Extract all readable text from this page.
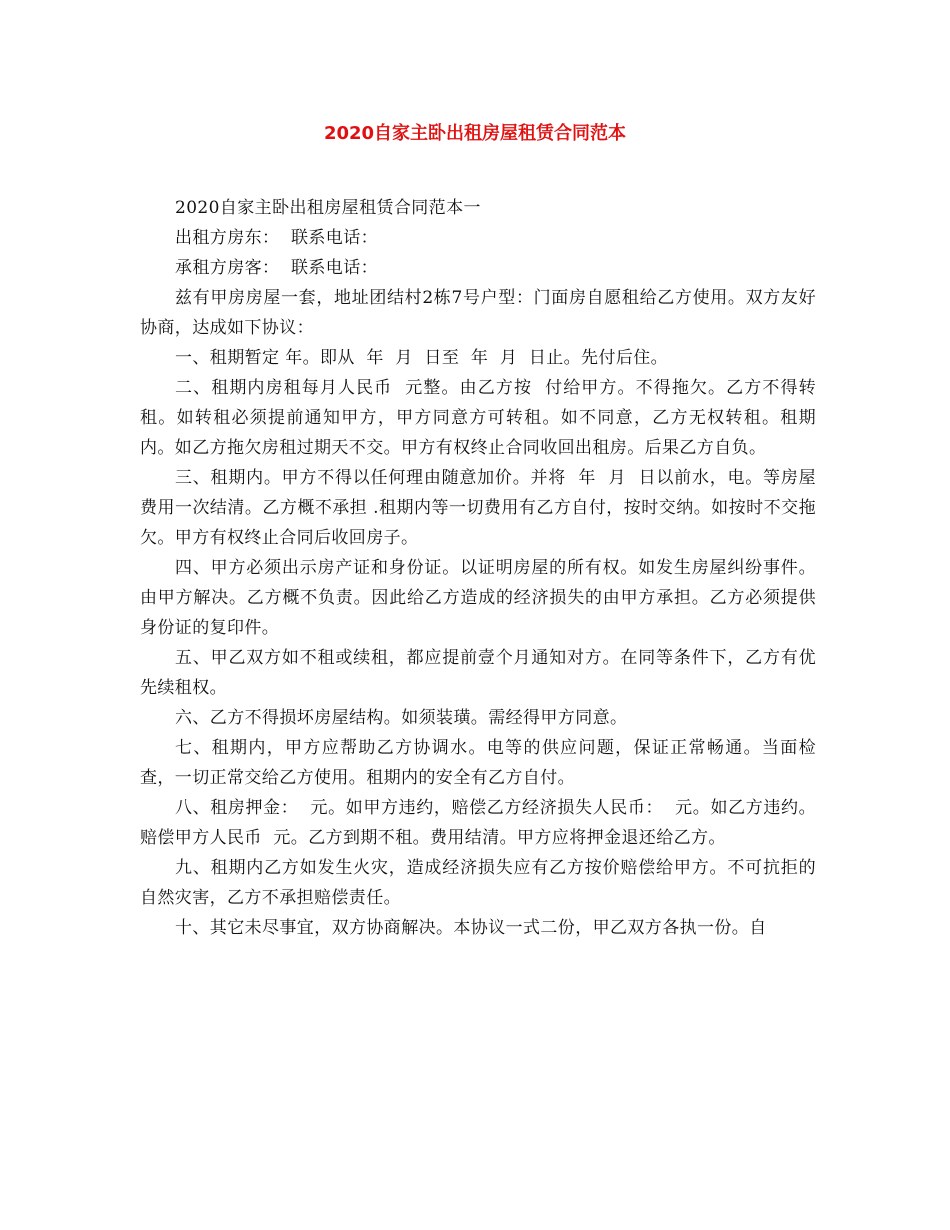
2020自家主卧出租房屋租赁合同范本

2020自家主卧出租房屋租赁合同范本一

出租方房东：  联系电话：

承租方房客：  联系电话：

兹有甲房房屋一套，地址团结村2栋7号户型：门面房自愿租给乙方使用。双方友好协商，达成如下协议：

一、租期暂定 年。即从  年  月  日至  年  月  日止。先付后住。

二、租期内房租每月人民币  元整。由乙方按  付给甲方。不得拖欠。乙方不得转租。如转租必须提前通知甲方，甲方同意方可转租。如不同意，乙方无权转租。租期内。如乙方拖欠房租过期天不交。甲方有权终止合同收回出租房。后果乙方自负。

三、租期内。甲方不得以任何理由随意加价。并将  年  月  日以前水，电。等房屋费用一次结清。乙方概不承担 .租期内等一切费用有乙方自付，按时交纳。如按时不交拖欠。甲方有权终止合同后收回房子。

四、甲方必须出示房产证和身份证。以证明房屋的所有权。如发生房屋纠纷事件。由甲方解决。乙方概不负责。因此给乙方造成的经济损失的由甲方承担。乙方必须提供身份证的复印件。

五、甲乙双方如不租或续租，都应提前壹个月通知对方。在同等条件下，乙方有优先续租权。

六、乙方不得损坏房屋结构。如须装璜。需经得甲方同意。

七、租期内，甲方应帮助乙方协调水。电等的供应问题，保证正常畅通。当面检查，一切正常交给乙方使用。租期内的安全有乙方自付。

八、租房押金：  元。如甲方违约，赔偿乙方经济损失人民币：  元。如乙方违约。赔偿甲方人民币  元。乙方到期不租。费用结清。甲方应将押金退还给乙方。

九、租期内乙方如发生火灾，造成经济损失应有乙方按价赔偿给甲方。不可抗拒的自然灾害，乙方不承担赔偿责任。

十、其它未尽事宜，双方协商解决。本协议一式二份，甲乙双方各执一份。自
